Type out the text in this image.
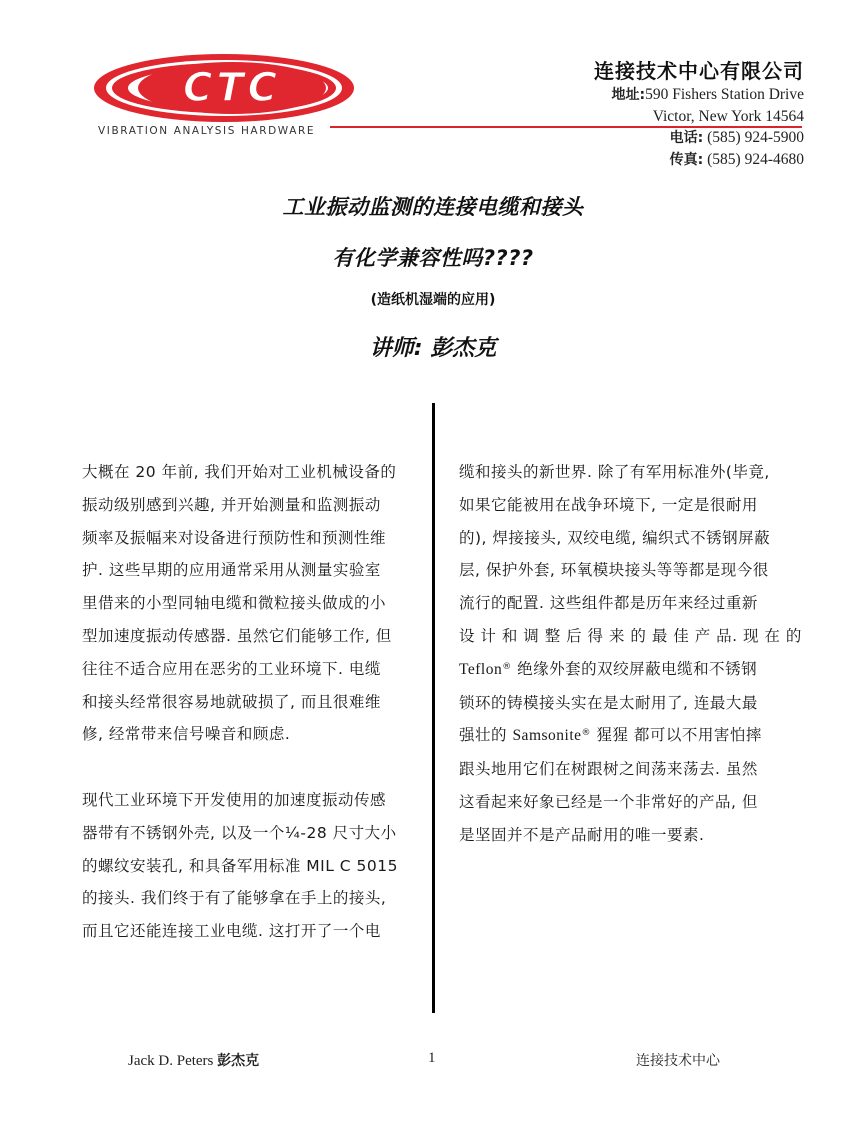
CTC
VIBRATION ANALYSIS HARDWARE
连接技术中心有限公司
地址:590 Fishers Station Drive
Victor, New York 14564
电话: (585) 924-5900
传真: (585) 924-4680
工业振动监测的连接电缆和接头
有化学兼容性吗????
(造纸机湿端的应用)
讲师: 彭杰克

大概在 20 年前, 我们开始对工业机械设备的
振动级别感到兴趣, 并开始测量和监测振动
频率及振幅来对设备进行预防性和预测性维
护. 这些早期的应用通常采用从测量实验室
里借来的小型同轴电缆和微粒接头做成的小
型加速度振动传感器. 虽然它们能够工作, 但
往往不适合应用在恶劣的工业环境下. 电缆
和接头经常很容易地就破损了, 而且很难维
修, 经常带来信号噪音和顾虑.

现代工业环境下开发使用的加速度振动传感
器带有不锈钢外壳, 以及一个¼-28 尺寸大小
的螺纹安装孔, 和具备军用标准 MIL C 5015
的接头. 我们终于有了能够拿在手上的接头,
而且它还能连接工业电缆. 这打开了一个电

缆和接头的新世界. 除了有军用标准外(毕竟,
如果它能被用在战争环境下, 一定是很耐用
的), 焊接接头, 双绞电缆, 编织式不锈钢屏蔽
层, 保护外套, 环氧模块接头等等都是现今很
流行的配置. 这些组件都是历年来经过重新
设 计 和 调 整 后 得 来 的 最 佳 产 品. 现 在 的
Teflon® 绝缘外套的双绞屏蔽电缆和不锈钢
锁环的铸模接头实在是太耐用了, 连最大最
强壮的 Samsonite® 猩猩 都可以不用害怕摔
跟头地用它们在树跟树之间荡来荡去. 虽然
这看起来好象已经是一个非常好的产品, 但
是坚固并不是产品耐用的唯一要素.

Jack D. Peters 彭杰克	1	连接技术中心
